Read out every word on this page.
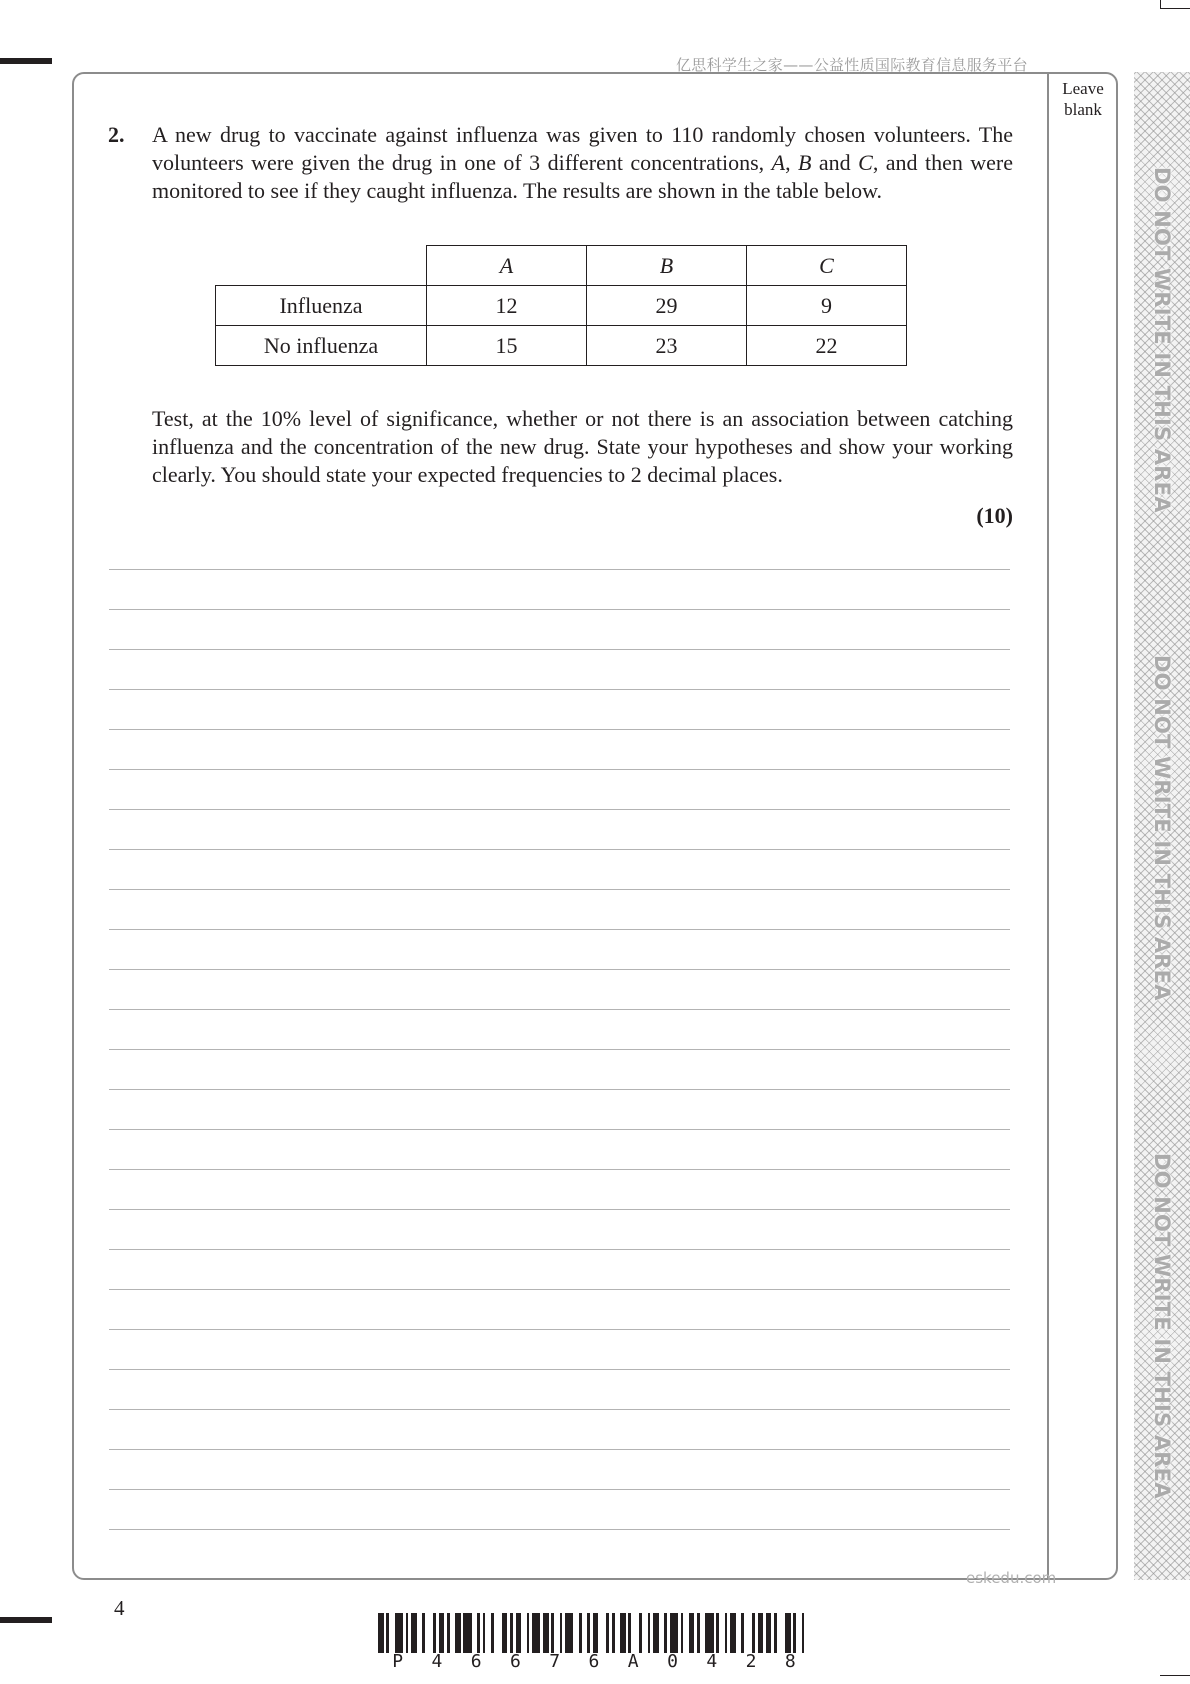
亿思科学生之家——公益性质国际教育信息服务平台
Leave
blank
DO NOT WRITE IN THIS AREA
DO NOT WRITE IN THIS AREA
DO NOT WRITE IN THIS AREA
2. A new drug to vaccinate against influenza was given to 110 randomly chosen volunteers. The volunteers were given the drug in one of 3 different concentrations, A, B and C, and then were monitored to see if they caught influenza. The results are shown in the table below.

	A	B	C
Influenza	12	29	9
No influenza	15	23	22

Test, at the 10% level of significance, whether or not there is an association between catching influenza and the concentration of the new drug. State your hypotheses and show your working clearly. You should state your expected frequencies to 2 decimal places.

(10)
eskedu.com
4
P 4 6 6 7 6 A 0 4 2 8
